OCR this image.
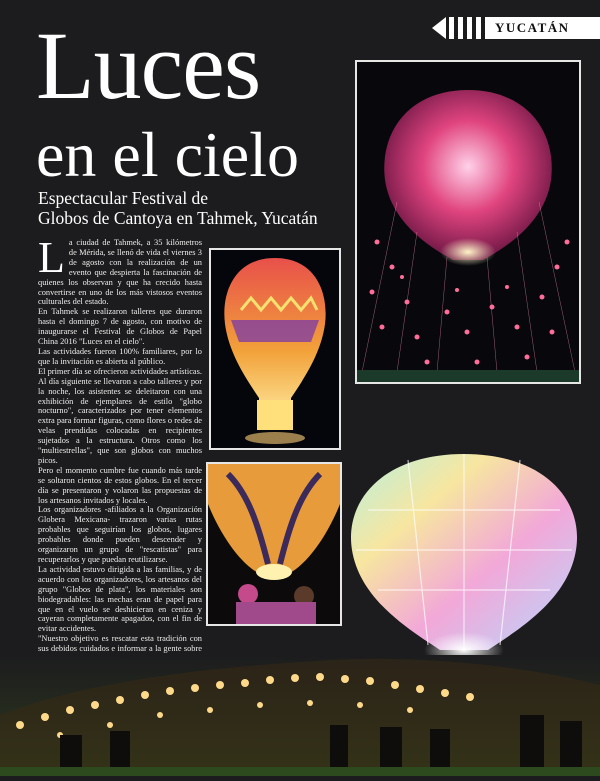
YUCATÁN
Luces
en el cielo
Espectacular Festival de
Globos de Cantoya en Tahmek, Yucatán

La ciudad de Tahmek, a 35 kilómetros de Mérida, se llenó de vida el viernes 3 de agosto con la realización de un evento que despierta la fascinación de quienes los observan y que ha crecido hasta convertirse en uno de los más vistosos eventos culturales del estado.

En Tahmek se realizaron talleres que duraron hasta el domingo 7 de agosto, con motivo de inaugurarse el Festival de Globos de Papel China 2016 "Luces en el cielo".

Las actividades fueron 100% familiares, por lo que la invitación es abierta al público.

El primer día se ofrecieron actividades artísticas. Al día siguiente se llevaron a cabo talleres y por la noche, los asistentes se deleitaron con una exhibición de ejemplares de estilo "globo nocturno", caracterizados por tener elementos extra para formar figuras, como flores o redes de velas prendidas colocadas en recipientes sujetados a la estructura. Otros como los "multiestrellas", que son globos con muchos picos.

Pero el momento cumbre fue cuando más tarde se soltaron cientos de estos globos. En el tercer día se presentaron y volaron las propuestas de los artesanos invitados y locales.

Los organizadores -afiliados a la Organización Globera Mexicana- trazaron varias rutas probables que seguirían los globos, lugares probables donde pueden descender y organizaron un grupo de "rescatistas" para recuperarlos y que puedan reutilizarse.

La actividad estuvo dirigida a las familias, y de acuerdo con los organizadores, los artesanos del grupo "Globos de plata", los materiales son biodegradables: las mechas eran de papel para que en el vuelo se deshicieran en ceniza y cayeran completamente apagados, con el fin de evitar accidentes.

"Nuestro objetivo es rescatar esta tradición con sus debidos cuidados e informar a la gente sobre
